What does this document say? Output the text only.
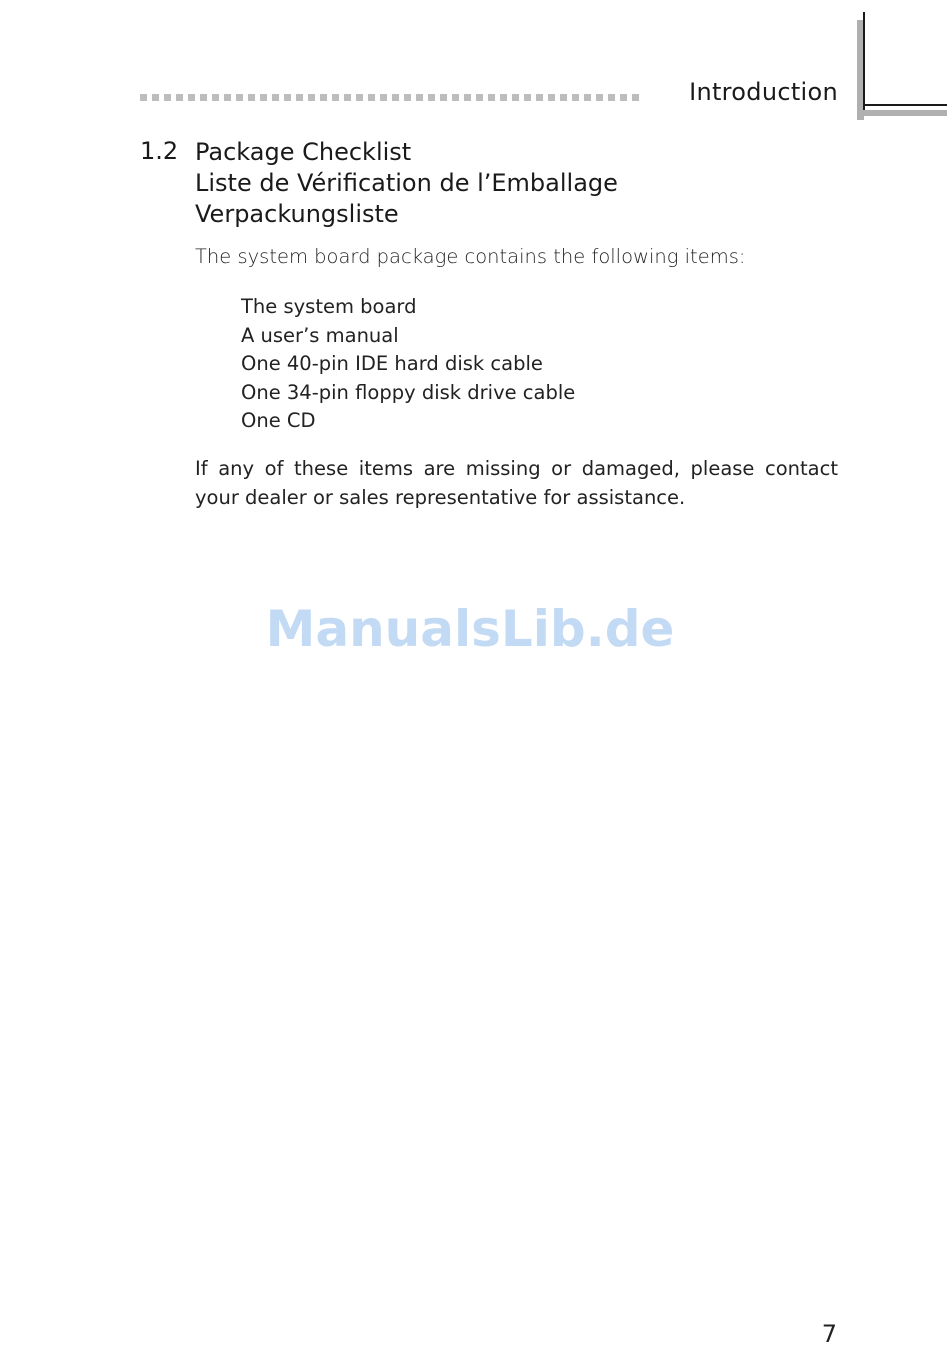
Introduction
1.2 Package Checklist
Liste de Vérification de l’Emballage
Verpackungsliste
The system board package contains the following items:
The system board
A user’s manual
One 40-pin IDE hard disk cable
One 34-pin floppy disk drive cable
One CD
If any of these items are missing or damaged, please contact your dealer or sales representative for assistance.
ManualsLib.de
7
